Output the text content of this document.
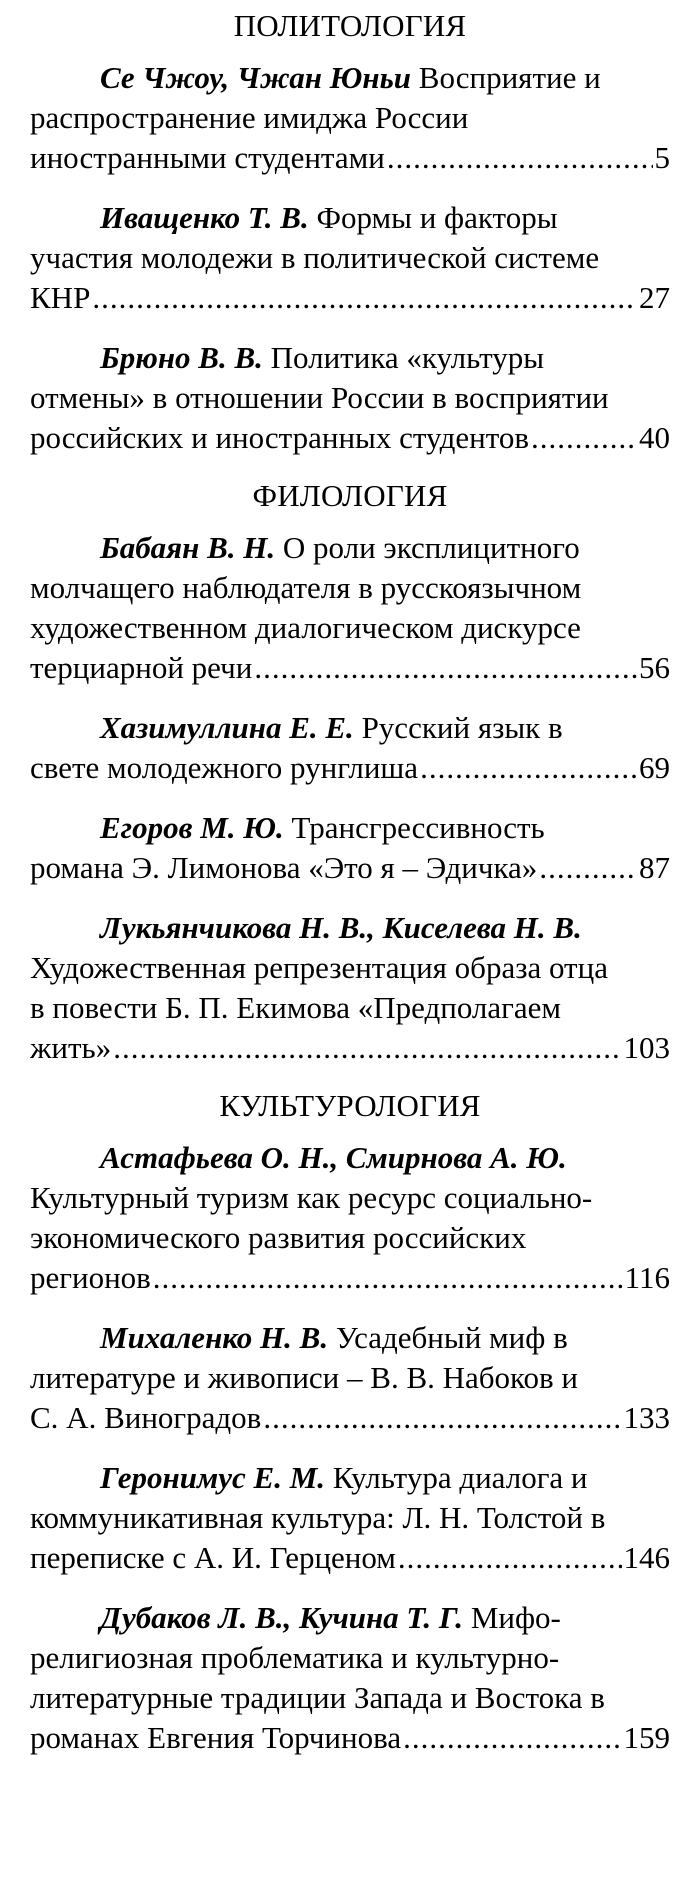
ПОЛИТОЛОГИЯ
Се Чжоу, Чжан Юньи Восприятие и
распространение имиджа России
иностранными студентами .....	5
Иващенко Т. В. Формы и факторы
участия молодежи в политической системе
КНР .....	27
Брюно В. В. Политика «культуры
отмены» в отношении России в восприятии
российских и иностранных студентов .....	40
ФИЛОЛОГИЯ
Бабаян В. Н. О роли эксплицитного
молчащего наблюдателя в русскоязычном
художественном диалогическом дискурсе
терциарной речи .....	56
Хазимуллина Е. Е. Русский язык в
свете молодежного рунглиша .....	69
Егоров М. Ю. Трансгрессивность
романа Э. Лимонова «Это я – Эдичка» .....	87
Лукьянчикова Н. В., Киселева Н. В.
Художественная репрезентация образа отца
в повести Б. П. Екимова «Предполагаем
жить» .....	103
КУЛЬТУРОЛОГИЯ
Астафьева О. Н., Смирнова А. Ю.
Культурный туризм как ресурс социально-
экономического развития российских
регионов .....	116
Михаленко Н. В. Усадебный миф в
литературе и живописи – В. В. Набоков и
С. А. Виноградов .....	133
Геронимус Е. М. Культура диалога и
коммуникативная культура: Л. Н. Толстой в
переписке с А. И. Герценом .....	146
Дубаков Л. В., Кучина Т. Г. Мифо-
религиозная проблематика и культурно-
литературные традиции Запада и Востока в
романах Евгения Торчинова .....	159
